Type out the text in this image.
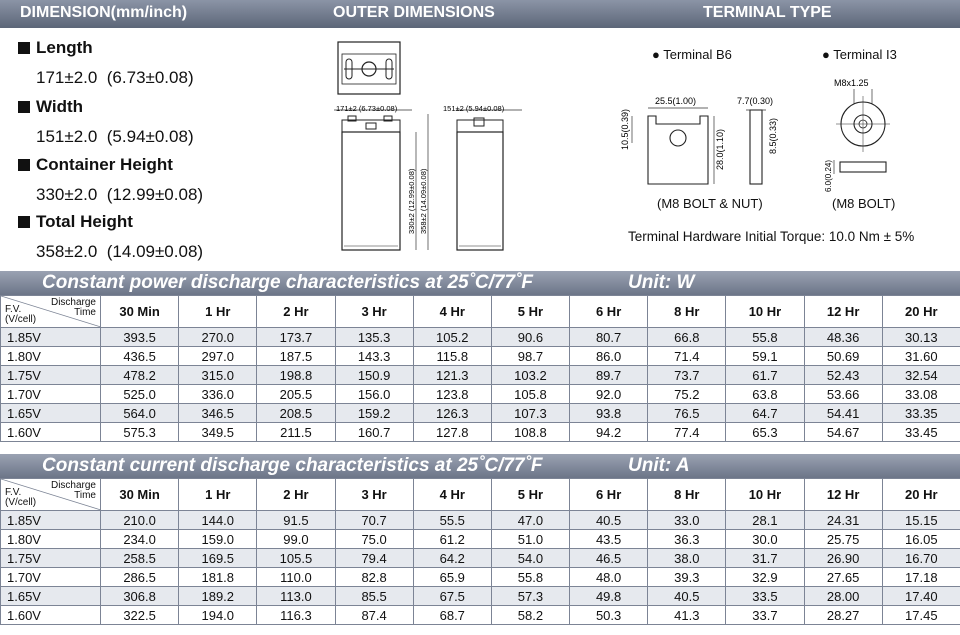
DIMENSION(mm/inch)	OUTER DIMENSIONS	TERMINAL TYPE
Length
171±2.0  (6.73±0.08)
Width
151±2.0  (5.94±0.08)
Container Height
330±2.0  (12.99±0.08)
Total Height
358±2.0  (14.09±0.08)
171±2 (6.73±0.08)	151±2 (5.94±0.08)
330±2 (12.99±0.08) 358±2 (14.09±0.08)
● Terminal B6	● Terminal I3
25.5(1.00)	7.7(0.30)
10.5(0.39)	28.0(1.10)	8.5(0.33)
(M8 BOLT & NUT)
M8x1.25
6.0(0.24)
(M8 BOLT)
Terminal Hardware Initial Torque: 10.0 Nm ± 5%
Constant power discharge characteristics at 25˚C/77˚F	Unit: W
Discharge
Time
F.V.
(V/cell)	30 Min	1 Hr	2 Hr	3 Hr	4 Hr	5 Hr	6 Hr	8 Hr	10 Hr	12 Hr	20 Hr
1.85V	393.5	270.0	173.7	135.3	105.2	90.6	80.7	66.8	55.8	48.36	30.13
1.80V	436.5	297.0	187.5	143.3	115.8	98.7	86.0	71.4	59.1	50.69	31.60
1.75V	478.2	315.0	198.8	150.9	121.3	103.2	89.7	73.7	61.7	52.43	32.54
1.70V	525.0	336.0	205.5	156.0	123.8	105.8	92.0	75.2	63.8	53.66	33.08
1.65V	564.0	346.5	208.5	159.2	126.3	107.3	93.8	76.5	64.7	54.41	33.35
1.60V	575.3	349.5	211.5	160.7	127.8	108.8	94.2	77.4	65.3	54.67	33.45
Constant current discharge characteristics at 25˚C/77˚F	Unit: A
Discharge
Time
F.V.
(V/cell)	30 Min	1 Hr	2 Hr	3 Hr	4 Hr	5 Hr	6 Hr	8 Hr	10 Hr	12 Hr	20 Hr
1.85V	210.0	144.0	91.5	70.7	55.5	47.0	40.5	33.0	28.1	24.31	15.15
1.80V	234.0	159.0	99.0	75.0	61.2	51.0	43.5	36.3	30.0	25.75	16.05
1.75V	258.5	169.5	105.5	79.4	64.2	54.0	46.5	38.0	31.7	26.90	16.70
1.70V	286.5	181.8	110.0	82.8	65.9	55.8	48.0	39.3	32.9	27.65	17.18
1.65V	306.8	189.2	113.0	85.5	67.5	57.3	49.8	40.5	33.5	28.00	17.40
1.60V	322.5	194.0	116.3	87.4	68.7	58.2	50.3	41.3	33.7	28.27	17.45
